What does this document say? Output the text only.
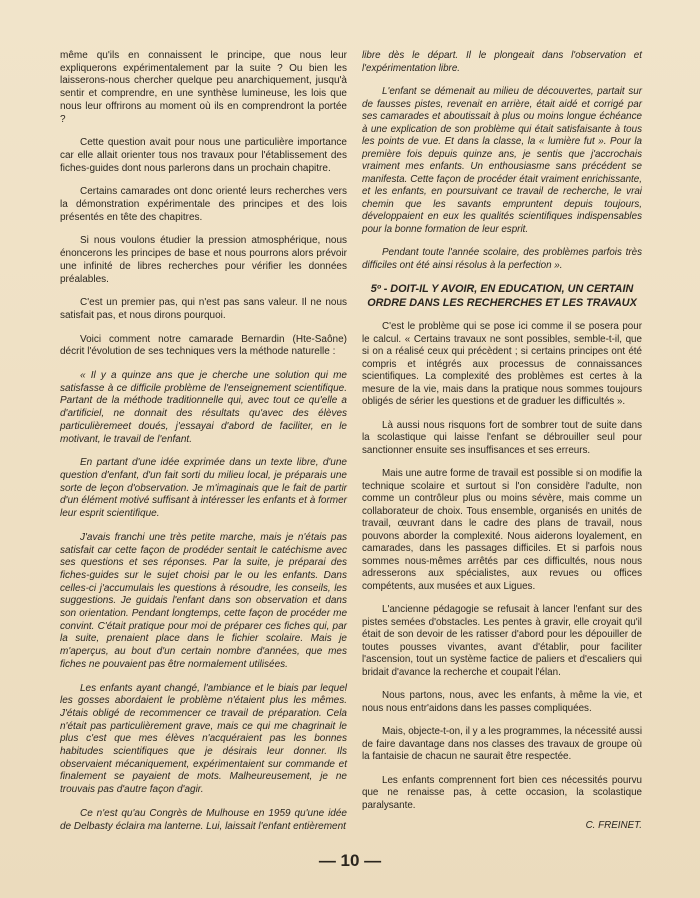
même qu'ils en connaissent le principe, que nous leur expliquerons expérimentalement par la suite ? Ou bien les laisserons-nous chercher quelque peu anarchiquement, jusqu'à sentir et comprendre, en une synthèse lumineuse, les lois que nous leur offrirons au moment où ils en comprendront la portée ?

Cette question avait pour nous une particulière importance car elle allait orienter tous nos travaux pour l'établissement des fiches-guides dont nous parlerons dans un prochain chapitre.

Certains camarades ont donc orienté leurs recherches vers la démonstration expérimentale des principes et des lois présentés en tête des chapitres.

Si nous voulons étudier la pression atmosphérique, nous énoncerons les principes de base et nous pourrons alors prévoir une infinité de libres recherches pour vérifier les données préalables.

C'est un premier pas, qui n'est pas sans valeur. Il ne nous satisfait pas, et nous dirons pourquoi.

Voici comment notre camarade Bernardin (Hte-Saône) décrit l'évolution de ses techniques vers la méthode naturelle :

« Il y a quinze ans que je cherche une solution qui me satisfasse à ce difficile problème de l'enseignement scientifique. Partant de la méthode traditionnelle qui, avec tout ce qu'elle a d'artificiel, ne donnait des résultats qu'avec des élèves particulièremeet doués, j'essayai d'abord de faciliter, en le motivant, le travail de l'enfant.

En partant d'une idée exprimée dans un texte libre, d'une question d'enfant, d'un fait sorti du milieu local, je préparais une sorte de leçon d'observation. Je m'imaginais que le fait de partir d'un élément motivé suffisant à intéresser les enfants et à former leur esprit scientifique.

J'avais franchi une très petite marche, mais je n'étais pas satisfait car cette façon de prodéder sentait le catéchisme avec ses questions et ses réponses. Par la suite, je préparai des fiches-guides sur le sujet choisi par le ou les enfants. Dans celles-ci j'accumulais les questions à résoudre, les conseils, les suggestions. Je guidais l'enfant dans son observation et dans son orientation. Pendant longtemps, cette façon de procéder me convint. C'était pratique pour moi de préparer ces fiches qui, par la suite, prenaient place dans le fichier scolaire. Mais je m'aperçus, au bout d'un certain nombre d'années, que mes fiches ne pouvaient pas être normalement utilisées.

Les enfants ayant changé, l'ambiance et le biais par lequel les gosses abordaient le problème n'étaient plus les mêmes. J'étais obligé de recommencer ce travail de préparation. Cela n'était pas particulièrement grave, mais ce qui me chagrinait le plus c'est que mes élèves n'acquéraient pas les bonnes habitudes scientifiques que je désirais leur donner. Ils observaient mécaniquement, expérimentaient sur commande et finalement se payaient de mots. Malheureusement, je ne trouvais pas d'autre façon d'agir.

Ce n'est qu'au Congrès de Mulhouse en 1959 qu'une idée de Delbasty éclaira ma lanterne. Lui, laissait l'enfant entièrement

libre dès le départ. Il le plongeait dans l'observation et l'expérimentation libre.

L'enfant se démenait au milieu de découvertes, partait sur de fausses pistes, revenait en arrière, était aidé et corrigé par ses camarades et aboutissait à plus ou moins longue échéance à une explication de son problème qui était satisfaisante à tous les points de vue. Et dans la classe, la « lumière fut ». Pour la première fois depuis quinze ans, je sentis que j'accrochais vraiment mes enfants. Un enthousiasme sans précédent se manifesta. Cette façon de procéder était vraiment enrichissante, et les enfants, en poursuivant ce travail de recherche, le vrai chemin que les savants empruntent depuis toujours, développaient en eux les qualités scientifiques indispensables pour la bonne formation de leur esprit.

Pendant toute l'année scolaire, des problèmes parfois très difficiles ont été ainsi résolus à la perfection ».

5º - DOIT-IL Y AVOIR, EN EDUCATION, UN CERTAIN ORDRE DANS LES RECHERCHES ET LES TRAVAUX

C'est le problème qui se pose ici comme il se posera pour le calcul. « Certains travaux ne sont possibles, semble-t-il, que si on a réalisé ceux qui précèdent ; si certains principes ont été compris et intégrés aux processus de connaissances scientifiques. La complexité des problèmes est certes à la mesure de la vie, mais dans la pratique nous sommes toujours obligés de sérier les questions et de graduer les difficultés ».

Là aussi nous risquons fort de sombrer tout de suite dans la scolastique qui laisse l'enfant se débrouiller seul pour sanctionner ensuite ses insuffisances et ses erreurs.

Mais une autre forme de travail est possible si on modifie la technique scolaire et surtout si l'on considère l'adulte, non comme un contrôleur plus ou moins sévère, mais comme un collaborateur de choix. Tous ensemble, organisés en unités de travail, œuvrant dans le cadre des plans de travail, nous pouvons aborder la complexité. Nous aiderons loyalement, en camarades, dans les passages difficiles. Et si parfois nous sommes nous-mêmes arrêtés par ces difficultés, nous nous adresserons aux spécialistes, aux revues ou offices compétents, aux musées et aux Ligues.

L'ancienne pédagogie se refusait à lancer l'enfant sur des pistes semées d'obstacles. Les pentes à gravir, elle croyait qu'il était de son devoir de les ratisser d'abord pour les dépouiller de toutes pousses vivantes, avant d'établir, pour faciliter l'ascension, tout un système factice de paliers et d'escaliers qui bridait d'avance la recherche et coupait l'élan.

Nous partons, nous, avec les enfants, à même la vie, et nous nous entr'aidons dans les passes compliquées.

Mais, objecte-t-on, il y a les programmes, la nécessité aussi de faire davantage dans nos classes des travaux de groupe où la fantaisie de chacun ne saurait être respectée.

Les enfants comprennent fort bien ces nécessités pourvu que ne renaisse pas, à cette occasion, la scolastique paralysante.

C. FREINET.
— 10 —
